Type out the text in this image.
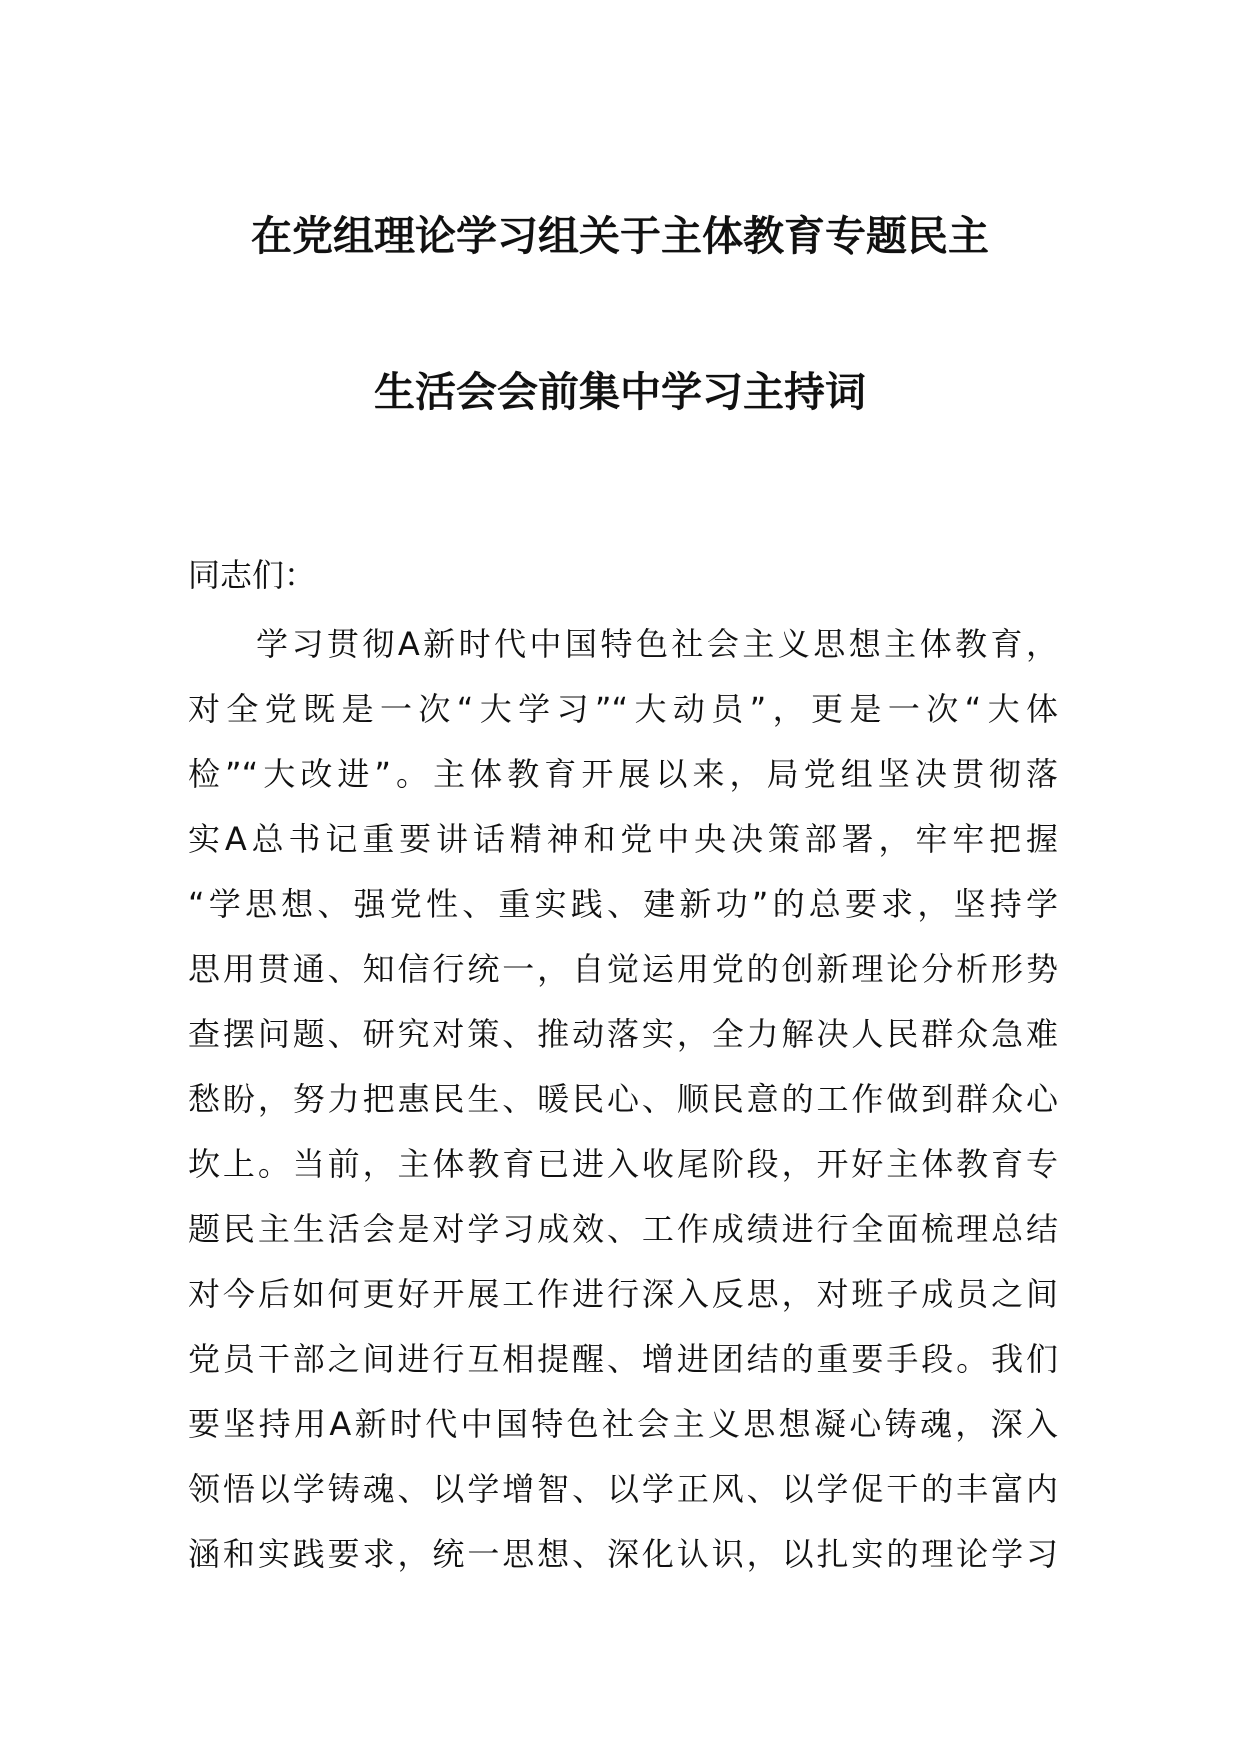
在党组理论学习组关于主体教育专题民主
生活会会前集中学习主持词
同志们：
学习贯彻A新时代中国特色社会主义思想主体教育，
对全党既是一次“大学习”“大动员”，更是一次“大体
检”“大改进”。主体教育开展以来，局党组坚决贯彻落
实A总书记重要讲话精神和党中央决策部署，牢牢把握
“学思想、强党性、重实践、建新功”的总要求，坚持学
思用贯通、知信行统一，自觉运用党的创新理论分析形势
查摆问题、研究对策、推动落实，全力解决人民群众急难
愁盼，努力把惠民生、暖民心、顺民意的工作做到群众心
坎上。当前，主体教育已进入收尾阶段，开好主体教育专
题民主生活会是对学习成效、工作成绩进行全面梳理总结
对今后如何更好开展工作进行深入反思，对班子成员之间
党员干部之间进行互相提醒、增进团结的重要手段。我们
要坚持用A新时代中国特色社会主义思想凝心铸魂，深入
领悟以学铸魂、以学增智、以学正风、以学促干的丰富内
涵和实践要求，统一思想、深化认识，以扎实的理论学习
